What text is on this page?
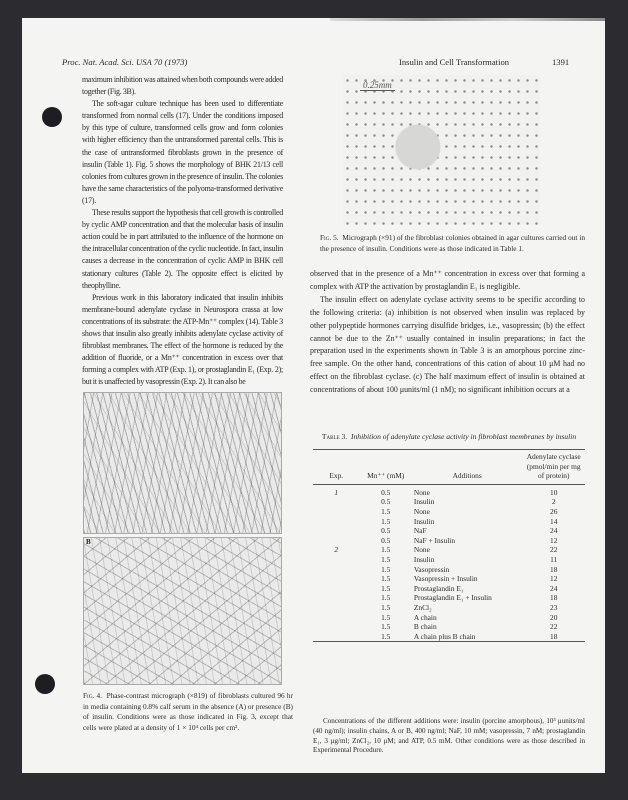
Proc. Nat. Acad. Sci. USA 70 (1973)	Insulin and Cell Transformation	1391

maximum inhibition was attained when both compounds were added together (Fig. 3B).

The soft-agar culture technique has been used to differentiate transformed from normal cells (17). Under the conditions imposed by this type of culture, transformed cells grow and form colonies with higher efficiency than the untransformed parental cells. This is the case of untransformed fibroblasts grown in the presence of insulin (Table 1). Fig. 5 shows the morphology of BHK 21/13 cell colonies from cultures grown in the presence of insulin. The colonies have the same characteristics of the polyoma-transformed derivative (17).

These results support the hypothesis that cell growth is controlled by cyclic AMP concentration and that the molecular basis of insulin action could be in part attributed to the influence of the hormone on the intracellular concentration of the cyclic nucleotide. In fact, insulin causes a decrease in the concentration of cyclic AMP in BHK cell stationary cultures (Table 2). The opposite effect is elicited by theophylline.

Previous work in this laboratory indicated that insulin inhibits membrane-bound adenylate cyclase in Neurospora crassa at low concentrations of its substrate: the ATP-Mn⁺⁺ complex (14). Table 3 shows that insulin also greatly inhibits adenylate cyclase activity of fibroblast membranes. The effect of the hormone is reduced by the addition of fluoride, or a Mn⁺⁺ concentration in excess over that forming a complex with ATP (Exp. 1), or prostaglandin E₁ (Exp. 2); but it is unaffected by vasopressin (Exp. 2). It can also be

B
Fig. 4. Phase-contrast micrograph (×819) of fibroblasts cultured 96 hr in media containing 0.8% calf serum in the absence (A) or presence (B) of insulin. Conditions were as those indicated in Fig. 3, except that cells were plated at a density of 1 × 10⁴ cells per cm².
0.25mm
Fig. 5. Micrograph (×91) of the fibroblast colonies obtained in agar cultures carried out in the presence of insulin. Conditions were as those indicated in Table 1.

observed that in the presence of a Mn⁺⁺ concentration in excess over that forming a complex with ATP the activation by prostaglandin E₁ is negligible.

The insulin effect on adenylate cyclase activity seems to be specific according to the following criteria: (a) inhibition is not observed when insulin was replaced by other polypeptide hormones carrying disulfide bridges, i.e., vasopressin; (b) the effect cannot be due to the Zn⁺⁺ usually contained in insulin preparations; in fact the preparation used in the experiments shown in Table 3 is an amorphous porcine zinc-free sample. On the other hand, concentrations of this cation of about 10 μM had no effect on the fibroblast cyclase. (c) The half maximum effect of insulin is obtained at concentrations of about 100 μunits/ml (1 nM); no significant inhibition occurs at a

Table 3. Inhibition of adenylate cyclase activity in fibroblast membranes by insulin
Exp.	Mn⁺⁺ (mM)	Additions	Adenylate cyclase (pmol/min per mg of protein)
1	0.5	None	10
	0.5	Insulin	2
	1.5	None	26
	1.5	Insulin	14
	0.5	NaF	24
	0.5	NaF + Insulin	12
2	1.5	None	22
	1.5	Insulin	11
	1.5	Vasopressin	18
	1.5	Vasopressin + Insulin	12
	1.5	Prostaglandin E₁	24
	1.5	Prostaglandin E₁ + Insulin	18
	1.5	ZnCl₂	23
	1.5	A chain	20
	1.5	B chain	22
	1.5	A chain plus B chain	18
Concentrations of the different additions were: insulin (porcine amorphous), 10³ μunits/ml (40 ng/ml); insulin chains, A or B, 400 ng/ml; NaF, 10 mM; vasopressin, 7 nM; prostaglandin E₁, 3 μg/ml; ZnCl₂, 10 μM; and ATP, 0.5 mM. Other conditions were as those described in Experimental Procedure.
